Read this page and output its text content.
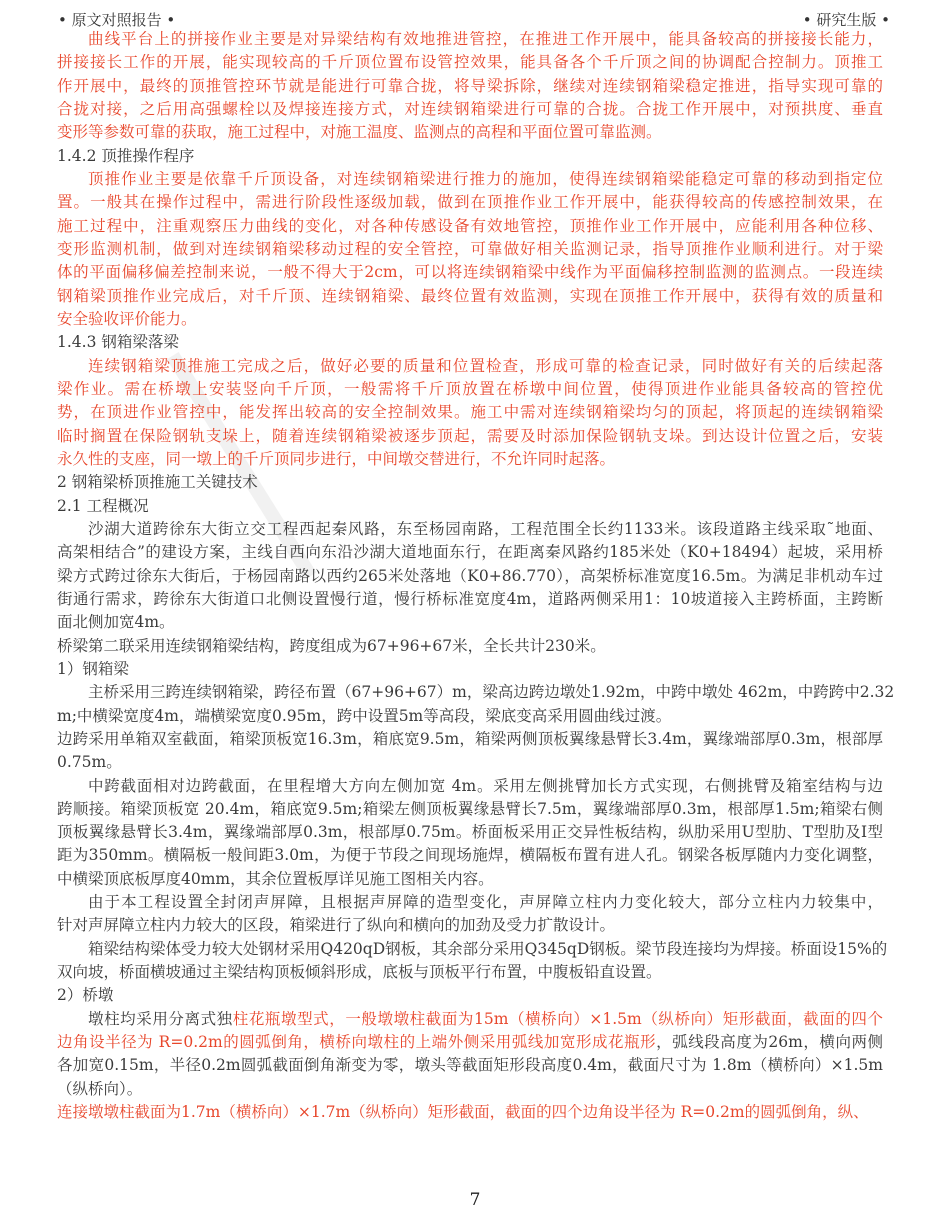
• 原文对照报告 •	• 研究生版 •
曲线平台上的拼接作业主要是对异梁结构有效地推进管控，在推进工作开展中，能具备较高的拼接接长能力，
拼接接长工作的开展，能实现较高的千斤顶位置布设管控效果，能具备各个千斤顶之间的协调配合控制力。顶推工
作开展中，最终的顶推管控环节就是能进行可靠合拢，将导梁拆除，继续对连续钢箱梁稳定推进，指导实现可靠的
合拢对接，之后用高强螺栓以及焊接连接方式，对连续钢箱梁进行可靠的合拢。合拢工作开展中，对预拱度、垂直
变形等参数可靠的获取，施工过程中，对施工温度、监测点的高程和平面位置可靠监测。
1.4.2 顶推操作程序
顶推作业主要是依靠千斤顶设备，对连续钢箱梁进行推力的施加，使得连续钢箱梁能稳定可靠的移动到指定位
置。一般其在操作过程中，需进行阶段性逐级加载，做到在顶推作业工作开展中，能获得较高的传感控制效果，在
施工过程中，注重观察压力曲线的变化，对各种传感设备有效地管控，顶推作业工作开展中，应能利用各种位移、
变形监测机制，做到对连续钢箱梁移动过程的安全管控，可靠做好相关监测记录，指导顶推作业顺利进行。对于梁
体的平面偏移偏差控制来说，一般不得大于2cm，可以将连续钢箱梁中线作为平面偏移控制监测的监测点。一段连续
钢箱梁顶推作业完成后，对千斤顶、连续钢箱梁、最终位置有效监测，实现在顶推工作开展中，获得有效的质量和
安全验收评价能力。
1.4.3 钢箱梁落梁
连续钢箱梁顶推施工完成之后，做好必要的质量和位置检查，形成可靠的检查记录，同时做好有关的后续起落
梁作业。需在桥墩上安装竖向千斤顶，一般需将千斤顶放置在桥墩中间位置，使得顶进作业能具备较高的管控优
势，在顶进作业管控中，能发挥出较高的安全控制效果。施工中需对连续钢箱梁均匀的顶起，将顶起的连续钢箱梁
临时搁置在保险钢轨支垛上，随着连续钢箱梁被逐步顶起，需要及时添加保险钢轨支垛。到达设计位置之后，安装
永久性的支座，同一墩上的千斤顶同步进行，中间墩交替进行，不允许同时起落。
2 钢箱梁桥顶推施工关键技术
2.1 工程概况
沙湖大道跨徐东大街立交工程西起秦风路，东至杨园南路，工程范围全长约1133米。该段道路主线采取˜地面、
高架相结合”的建设方案，主线自西向东沿沙湖大道地面东行，在距离秦风路约185米处（K0+18494）起坡，采用桥
梁方式跨过徐东大街后，于杨园南路以西约265米处落地（K0+86.770），高架桥标准宽度16.5m。为满足非机动车过
街通行需求，跨徐东大街道口北侧设置慢行道，慢行桥标准宽度4m，道路两侧采用1：10坡道接入主跨桥面，主跨断
面北侧加宽4m。
桥梁第二联采用连续钢箱梁结构，跨度组成为67+96+67米，全长共计230米。
1）钢箱梁
主桥采用三跨连续钢箱梁，跨径布置（67+96+67）m，梁高边跨边墩处1.92m，中跨中墩处 462m，中跨跨中2.32
m;中横梁宽度4m，端横梁宽度0.95m，跨中设置5m等高段，梁底变高采用圆曲线过渡。
边跨采用单箱双室截面，箱梁顶板宽16.3m，箱底宽9.5m，箱梁两侧顶板翼缘悬臂长3.4m，翼缘端部厚0.3m，根部厚
0.75m。
中跨截面相对边跨截面，在里程增大方向左侧加宽 4m。采用左侧挑臂加长方式实现，右侧挑臂及箱室结构与边
跨顺接。箱梁顶板宽 20.4m，箱底宽9.5m;箱梁左侧顶板翼缘悬臂长7.5m，翼缘端部厚0.3m，根部厚1.5m;箱梁右侧
顶板翼缘悬臂长3.4m，翼缘端部厚0.3m，根部厚0.75m。桥面板采用正交异性板结构，纵肋采用U型肋、T型肋及I型
距为350mm。横隔板一般间距3.0m，为便于节段之间现场施焊，横隔板布置有进人孔。钢梁各板厚随内力变化调整，
中横梁顶底板厚度40mm，其余位置板厚详见施工图相关内容。
由于本工程设置全封闭声屏障，且根据声屏障的造型变化，声屏障立柱内力变化较大，部分立柱内力较集中，
针对声屏障立柱内力较大的区段，箱梁进行了纵向和横向的加劲及受力扩散设计。
箱梁结构梁体受力较大处钢材采用Q420qD钢板，其余部分采用Q345qD钢板。梁节段连接均为焊接。桥面设15%的
双向坡，桥面横坡通过主梁结构顶板倾斜形成，底板与顶板平行布置，中腹板铅直设置。
2）桥墩
墩柱均采用分离式独柱花瓶墩型式，一般墩墩柱截面为15m（横桥向）×1.5m（纵桥向）矩形截面，截面的四个
边角设半径为 R=0.2m的圆弧倒角，横桥向墩柱的上端外侧采用弧线加宽形成花瓶形，弧线段高度为26m，横向两侧
各加宽0.15m，半径0.2m圆弧截面倒角渐变为零，墩头等截面矩形段高度0.4m，截面尺寸为 1.8m（横桥向）×1.5m
（纵桥向）。
连接墩墩柱截面为1.7m（横桥向）×1.7m（纵桥向）矩形截面，截面的四个边角设半径为 R=0.2m的圆弧倒角，纵、
7
